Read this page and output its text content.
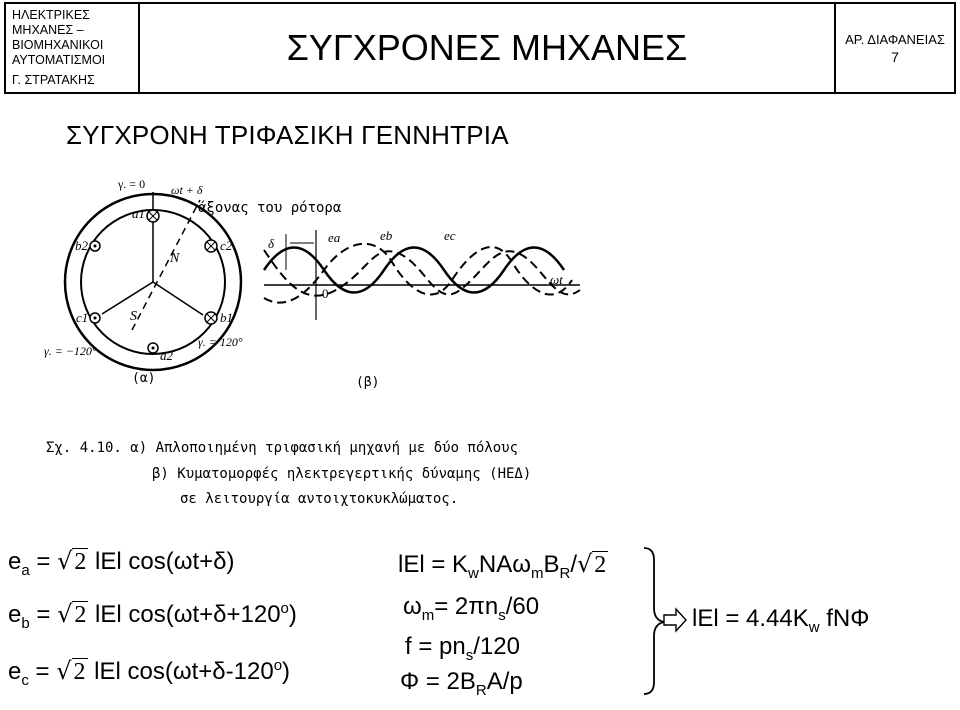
ΗΛΕΚΤΡΙΚΕΣ
ΜΗΧΑΝΕΣ –
ΒΙΟΜΗΧΑΝΙΚΟΙ
ΑΥΤΟΜΑΤΙΣΜΟΙ
Γ. ΣΤΡΑΤΑΚΗΣ
ΣΥΓΧΡΟΝΕΣ ΜΗΧΑΝΕΣ	ΑΡ. ΔΙΑΦΑΝΕΙΑΣ
7
ΣΥΓΧΡΟΝΗ ΤΡΙΦΑΣΙΚΗ ΓΕΝΝΗΤΡΙΑ
γ. = 0 ωt + δ
άξονας του ρότορα
a1
b2	c2
c1	b1
a2
N
S
γ. = −120°
γ. = 120°
(α)	(β)
δ	ea	eb	ec
0
ωt
Σχ. 4.10. α) Απλοποιημένη τριφασική μηχανή με δύο πόλους
β) Κυματομορφές ηλεκτρεγερτικής δύναμης (ΗΕΔ)
σε λειτουργία αντοιχτοκυκλώματος.
$e_a = √2$ lEl cos(ωt+δ)
$e_b = √2$ lEl $\cos(\omega t+\delta+120^o)$
$e_c = √2$ lEl $\cos(\omega t+\delta-120^o)$
lEl = $K_wNA\omega_mB_R/√2$
$\omega_m= 2\pi n_s/60$
$f = pn_s/120$
$\Phi = 2B_RA/p$
lEl = $4.44K_w$ fNΦ
